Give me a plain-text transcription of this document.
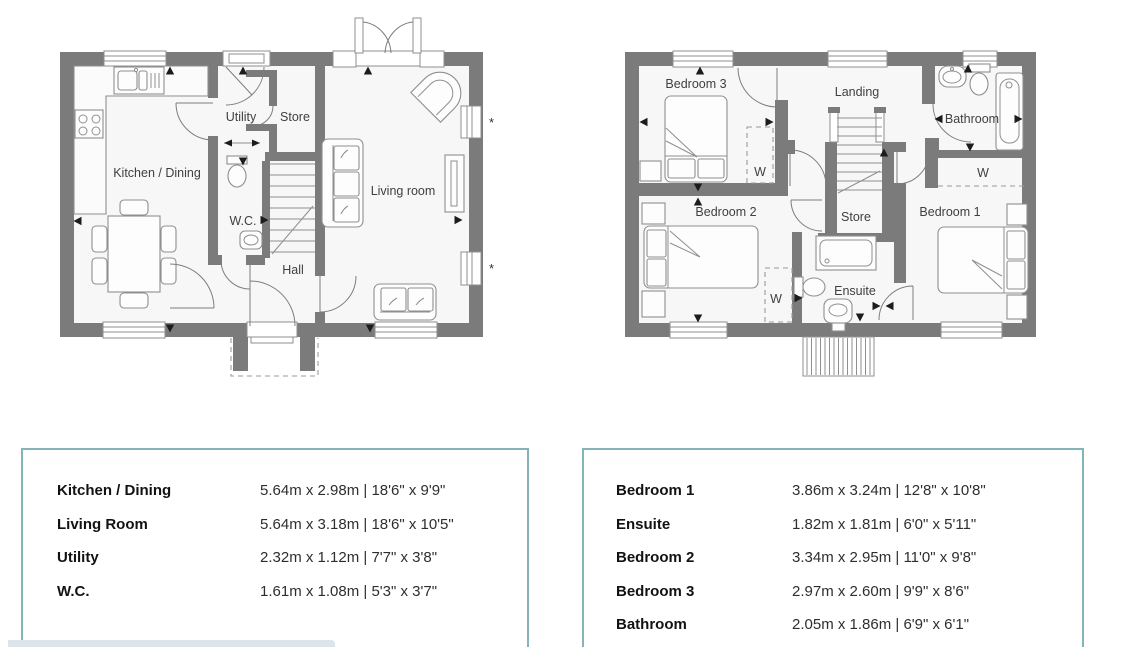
Kitchen / Dining
Utility Store
W.C.
Hall
Living room
*
*
Bedroom 3
Landing
Bathroom
W
Bedroom 2	Store	Bedroom 1
W
Ensuite
W
Kitchen / Dining	5.64m x 2.98m | 18'6" x 9'9"
Living Room	5.64m x 3.18m | 18'6" x 10'5"
Utility	2.32m x 1.12m | 7'7" x 3'8"
W.C.	1.61m x 1.08m | 5'3" x 3'7"
Bedroom 1	3.86m x 3.24m | 12'8" x 10'8"
Ensuite	1.82m x 1.81m | 6'0" x 5'11"
Bedroom 2	3.34m x 2.95m | 11'0" x 9'8"
Bedroom 3	2.97m x 2.60m | 9'9" x 8'6"
Bathroom	2.05m x 1.86m | 6'9" x 6'1"
